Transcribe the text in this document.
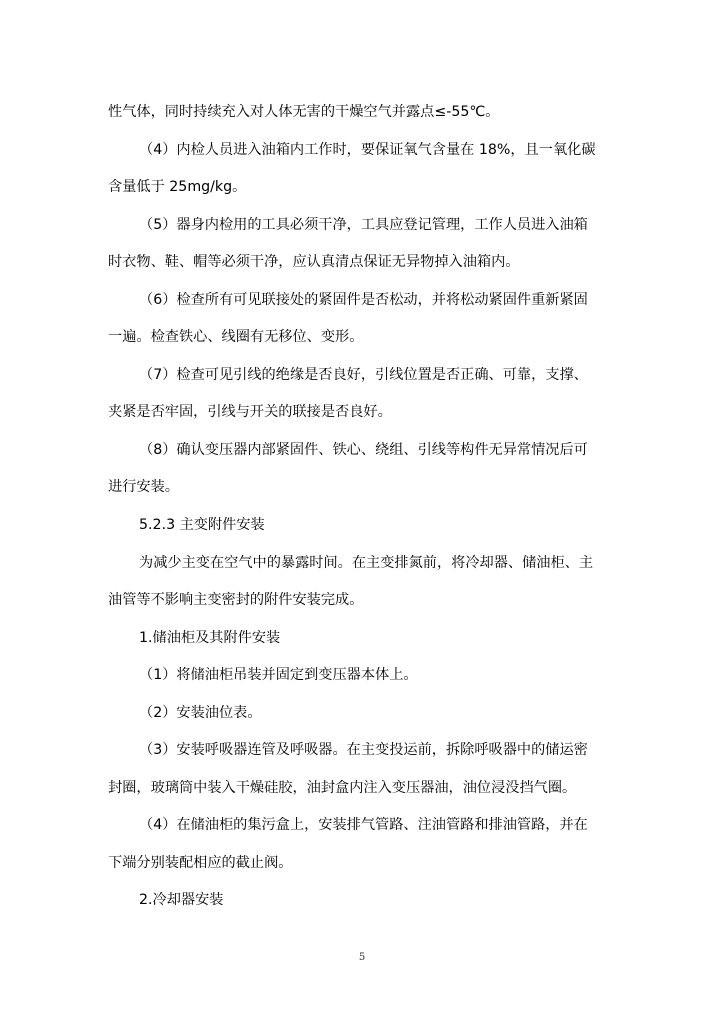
性气体，同时持续充入对人体无害的干燥空气并露点≤-55℃。
（4）内检人员进入油箱内工作时，要保证氧气含量在 18%，且一氧化碳
含量低于 25mg/kg。
（5）器身内检用的工具必须干净，工具应登记管理，工作人员进入油箱
时衣物、鞋、帽等必须干净，应认真清点保证无异物掉入油箱内。
（6）检查所有可见联接处的紧固件是否松动，并将松动紧固件重新紧固
一遍。检查铁心、线圈有无移位、变形。
（7）检查可见引线的绝缘是否良好，引线位置是否正确、可靠，支撑、
夹紧是否牢固，引线与开关的联接是否良好。
（8）确认变压器内部紧固件、铁心、绕组、引线等构件无异常情况后可
进行安装。
5.2.3 主变附件安装
为减少主变在空气中的暴露时间。在主变排氮前，将冷却器、储油柜、主
油管等不影响主变密封的附件安装完成。
1.储油柜及其附件安装
（1）将储油柜吊装并固定到变压器本体上。
（2）安装油位表。
（3）安装呼吸器连管及呼吸器。在主变投运前，拆除呼吸器中的储运密
封圈，玻璃筒中装入干燥硅胶，油封盒内注入变压器油，油位浸没挡气圈。
（4）在储油柜的集污盒上，安装排气管路、注油管路和排油管路，并在
下端分别装配相应的截止阀。
2.冷却器安装
5
